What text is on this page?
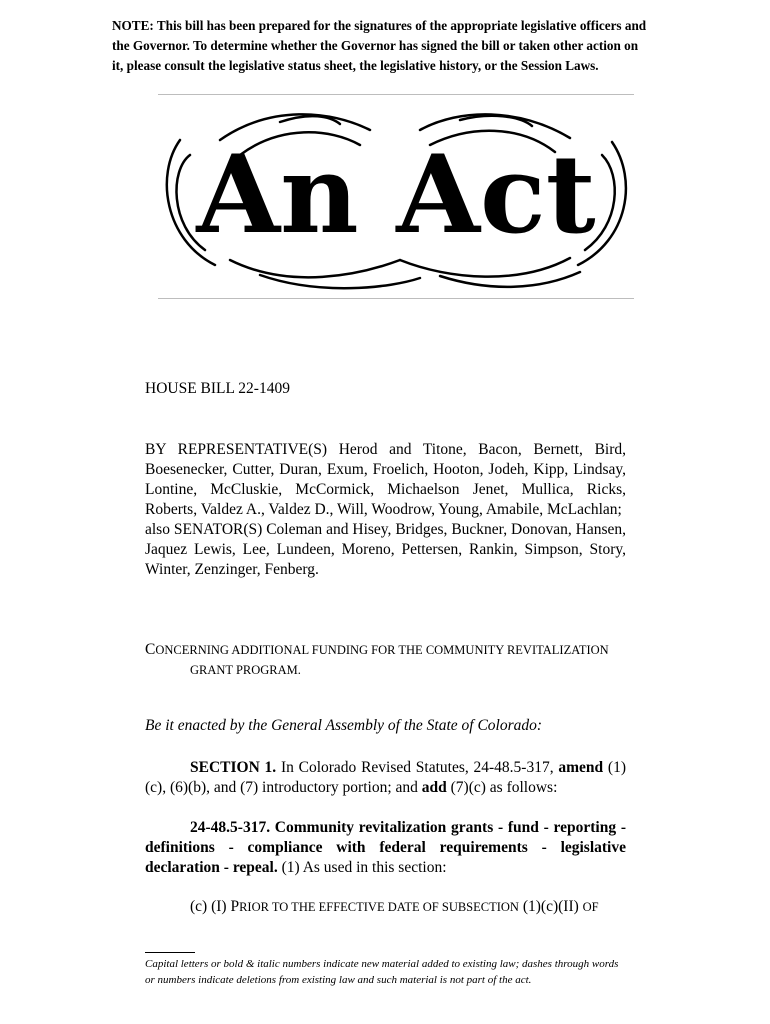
NOTE: This bill has been prepared for the signatures of the appropriate legislative officers and the Governor. To determine whether the Governor has signed the bill or taken other action on it, please consult the legislative status sheet, the legislative history, or the Session Laws.
An Act
HOUSE BILL 22-1409

BY REPRESENTATIVE(S) Herod and Titone, Bacon, Bernett, Bird, Boesenecker, Cutter, Duran, Exum, Froelich, Hooton, Jodeh, Kipp, Lindsay, Lontine, McCluskie, McCormick, Michaelson Jenet, Mullica, Ricks, Roberts, Valdez A., Valdez D., Will, Woodrow, Young, Amabile, McLachlan;

also SENATOR(S) Coleman and Hisey, Bridges, Buckner, Donovan, Hansen, Jaquez Lewis, Lee, Lundeen, Moreno, Pettersen, Rankin, Simpson, Story, Winter, Zenzinger, Fenberg.

CONCERNING ADDITIONAL FUNDING FOR THE COMMUNITY REVITALIZATION
GRANT PROGRAM.
Be it enacted by the General Assembly of the State of Colorado:
SECTION 1. In Colorado Revised Statutes, 24-48.5-317, amend (1)(c), (6)(b), and (7) introductory portion; and add (7)(c) as follows:
24-48.5-317. Community revitalization grants - fund - reporting - definitions - compliance with federal requirements - legislative declaration - repeal. (1) As used in this section:
(c) (I) PRIOR TO THE EFFECTIVE DATE OF SUBSECTION (1)(c)(II) OF
Capital letters or bold & italic numbers indicate new material added to existing law; dashes through words or numbers indicate deletions from existing law and such material is not part of the act.
